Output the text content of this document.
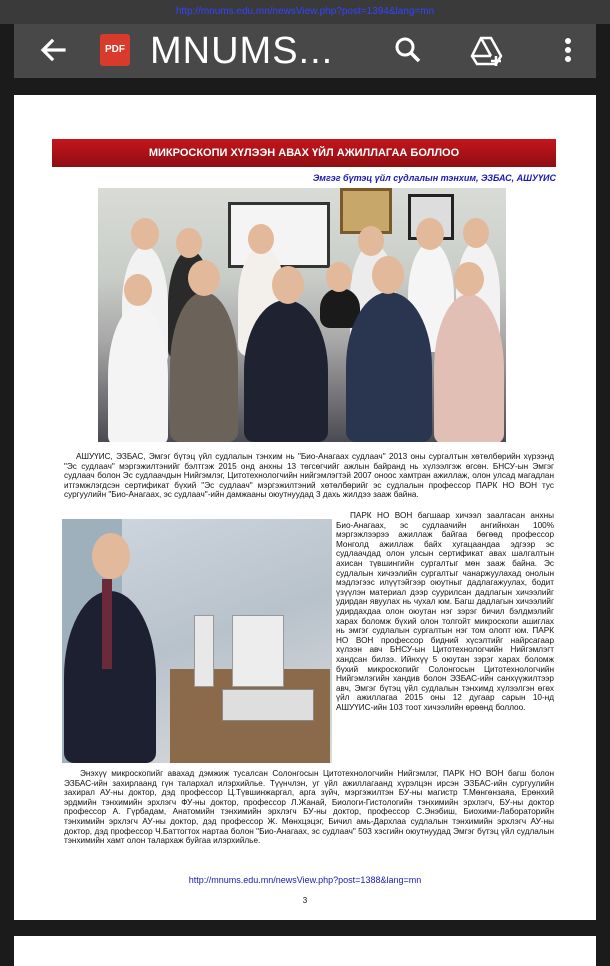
http://mnums.edu.mn/newsView.php?post=1394&lang=mn
PDF MNUMS...
МИКРОСКОПИ ХҮЛЭЭН АВАХ ҮЙЛ АЖИЛЛАГАА БОЛЛОО
Эмгэг бүтэц үйл судлалын тэнхим, ЭЗБАС, АШУҮИС

АШУҮИС, ЭЗБАС, Эмгэг бүтэц үйл судлалын тэнхим нь "Био-Анагаах судлаач" 2013 оны сургалтын хөтөлбөрийн хүрээнд "Эс судлаач" мэргэжилтэнийг бэлтгэж 2015 онд анхны 13 төгсөгчийг ажлын байранд нь хүлээлгэж өгсөн. БНСУ-ын Эмгэг судлаач болон Эс судлаачдын Нийгэмлэг, Цитотехнологчийн нийгэмлэгтэй 2007 оноос хамтран ажиллаж, олон улсад магадлан итгэмжлэгдсэн сертификат бүхий "Эс судлаач" мэргэжилтэний хөтөлбөрийг эс судлалын профессор ПАРК НО ВОН тус сургуулийн "Био-Анагаах, эс судлаач"-ийн дамжааны оюутнуудад 3 дахь жилдээ зааж байна.

ПАРК НО ВОН багшаар хичээл заалгасан анхны Био-Анагаах, эс судлаачийн ангийнхан 100% мэргэжлээрээ ажиллаж байгаа бөгөөд профессор Монголд ажиллаж байх хугацаандаа эдгээр эс судлаачдад олон улсын сертификат авах шалгалтын ахисан түвшингийн сургалтыг мөн зааж байна. Эс судлалын хичээлийн сургалтыг чанаржуулахад онолын мэдлэгээс илүүтэйгээр оюутныг дадлагажуулах, бодит үзүүлэн материал дээр суурилсан дадлагын хичээлийг удирдан явуулах нь чухал юм. Багш дадлагын хичээлийг удирдахдаа олон оюутан нэг зэрэг бичил бэлдмэлийг харах боломж бүхий олон толгойт микроскопи ашиглах нь эмгэг судлалын сургалтын нэг том олопт юм. ПАРК НО ВОН профессор бидний хүсэлтийг найрсагаар хүлээн авч БНСУ-ын Цитотехнологчийн Нийгэмлэгт хандсан билээ. Ийнхүү 5 оюутан зэрэг харах боломж бүхий микроскопийг Солонгосын Цитотехнологчийн Нийгэмлэгийн хандив болон ЭЗБАС-ийн санхүүжилтээр авч, Эмгэг бүтэц үйл судлалын тэнхимд хүлээлгэн өгөх үйл ажиллагаа 2015 оны 12 дугаар сарын 10-нд АШУҮИС-ийн 103 тоот хичээлийн өрөөнд боллоо.

Энэхүү микроскопийг авахад дэмжиж тусалсан Солонгосын Цитотехнологчийн Нийгэмлэг, ПАРК НО ВОН багш болон ЭЗБАС-ийн захирлаанд гүн талархал илэрхийлье. Түүнчлэн, уг үйл ажиллагаанд хүрэлцэн ирсэн ЭЗБАС-ийн сургуулийн захирал АУ-ны доктор, дэд профессор Ц.Түвшинжаргал, арга зүйч, мэргэжилтэн БУ-ны магистр Т.Мөнгөнзаяа, Ерөнхий эрдмийн тэнхимийн эрхлэгч ФУ-ны доктор, профессор Л.Жанай, Биологи-Гистологийн тэнхимийн эрхлэгч, БУ-ны доктор профессор А. Гүрбадам, Анатомийн тэнхимийн эрхлэгч БУ-ны доктор, профессор С.Энэбиш, Биохими-Лабораторийн тэнхимийн эрхлэгч АУ-ны доктор, дэд профессор Ж. Мөнхцэцэг, Бичил амь-Дархлаа судлалын тэнхимийн эрхлэгч АУ-ны доктор, дэд профессор Ч.Баттогтох нартаа болон "Био-Анагаах, эс судлаач" 503 хэсгийн оюутнуудад Эмгэг бүтэц үйл судлалын тэнхимийн хамт олон талархаж буйгаа илэрхийлье.

http://mnums.edu.mn/newsView.php?post=1388&lang=mn
3
